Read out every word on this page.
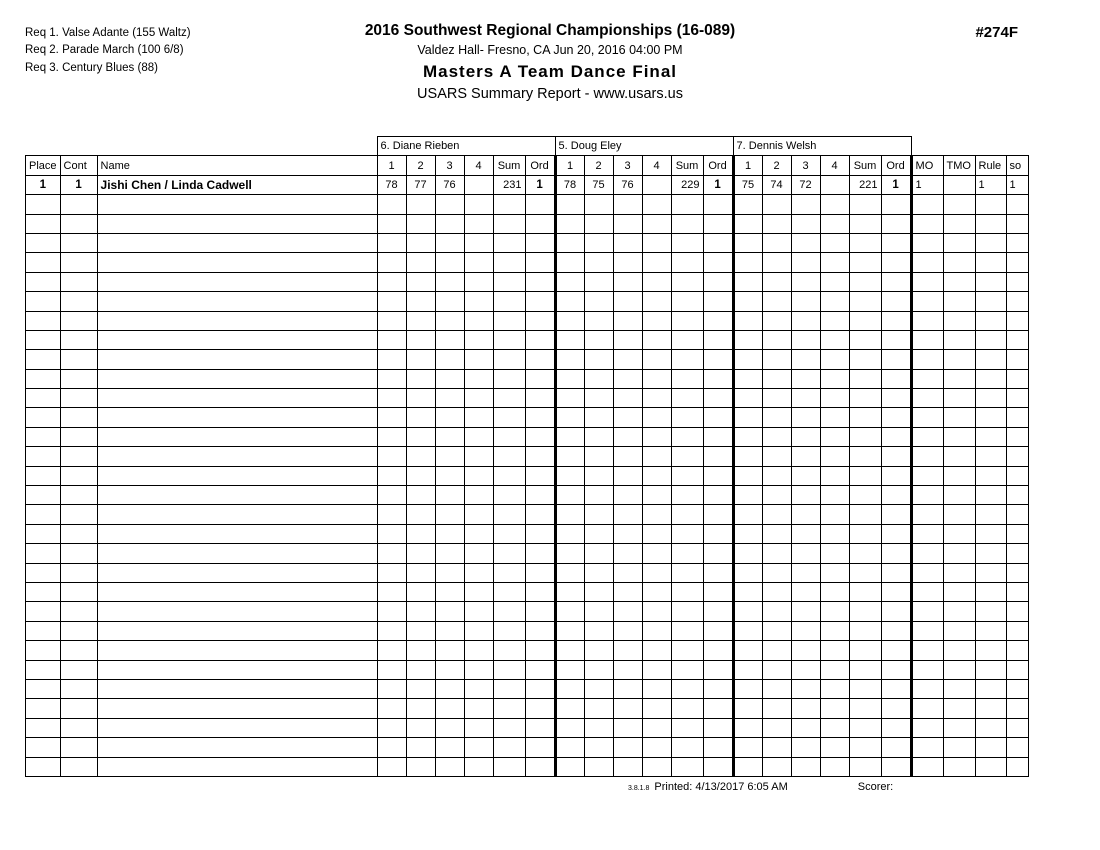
Req 1. Valse Adante (155 Waltz)
Req 2. Parade March (100 6/8)
Req 3. Century Blues (88)
2016 Southwest Regional Championships (16-089)
Valdez Hall- Fresno, CA Jun 20, 2016 04:00 PM
Masters A Team Dance Final
USARS Summary Report - www.usars.us
#274F
			6. Diane Rieben						5. Doug Eley						7. Dennis Welsh									
Place	Cont	Name	1	2	3	4	Sum	Ord	1	2	3	4	Sum	Ord	1	2	3	4	Sum	Ord	MO	TMO	Rule	so
1	1	Jishi Chen / Linda Cadwell	78	77	76		231	1	78	75	76		229	1	75	74	72		221	1	1		1	1

3.8.1.8 Printed: 4/13/2017 6:05 AM	Scorer:
